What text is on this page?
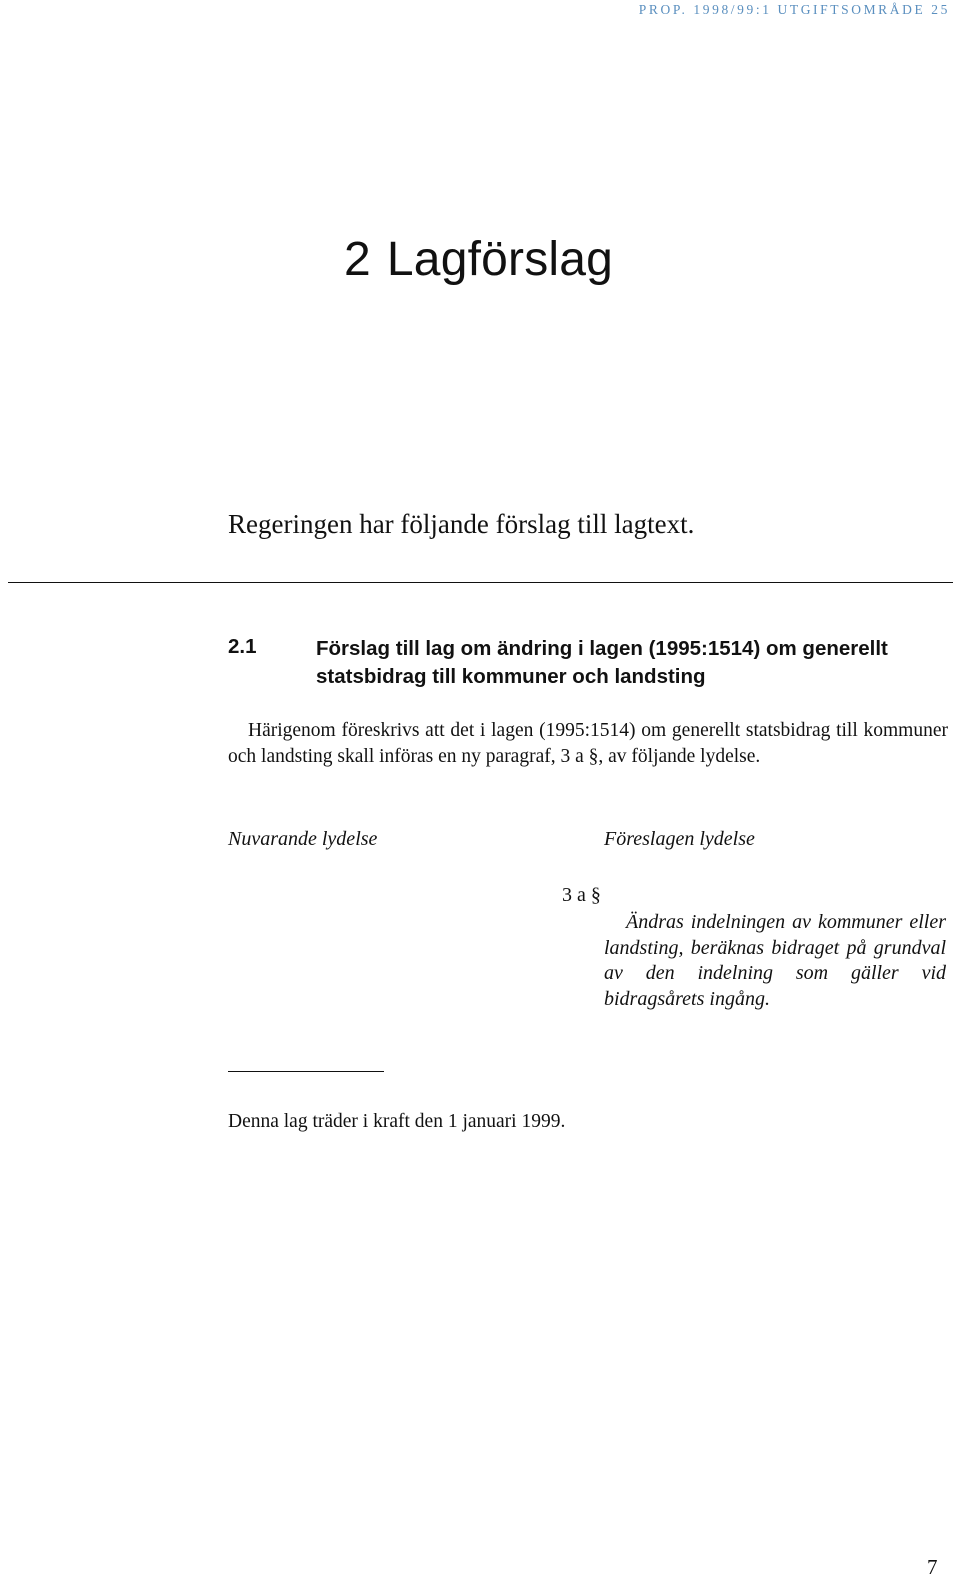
PROP. 1998/99:1 UTGIFTSOMRÅDE 25
2 Lagförslag
Regeringen har följande förslag till lagtext.
2.1	Förslag till lag om ändring i lagen (1995:1514) om generellt statsbidrag till kommuner och landsting

Härigenom föreskrivs att det i lagen (1995:1514) om generellt statsbidrag till kommuner och landsting skall införas en ny paragraf, 3 a §, av följande lydelse.

Nuvarande lydelse	Föreslagen lydelse
3 a §

Ändras indelningen av kommuner eller landsting, beräknas bidraget på grundval av den indelning som gäller vid bidragsårets ingång.

Denna lag träder i kraft den 1 januari 1999.
7
